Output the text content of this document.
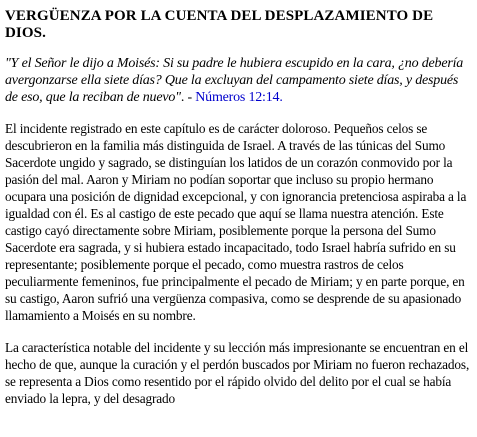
VERGÜENZA POR LA CUENTA DEL DESPLAZAMIENTO DE DIOS.
"Y el Señor le dijo a Moisés: Si su padre le hubiera escupido en la cara, ¿no debería avergonzarse ella siete días? Que la excluyan del campamento siete días, y después de eso, que la reciban de nuevo". - Números 12:14.

El incidente registrado en este capítulo es de carácter doloroso. Pequeños celos se descubrieron en la familia más distinguida de Israel. A través de las túnicas del Sumo Sacerdote ungido y sagrado, se distinguían los latidos de un corazón conmovido por la pasión del mal. Aaron y Miriam no podían soportar que incluso su propio hermano ocupara una posición de dignidad excepcional, y con ignorancia pretenciosa aspiraba a la igualdad con él. Es al castigo de este pecado que aquí se llama nuestra atención. Este castigo cayó directamente sobre Miriam, posiblemente porque la persona del Sumo Sacerdote era sagrada, y si hubiera estado incapacitado, todo Israel habría sufrido en su representante; posiblemente porque el pecado, como muestra rastros de celos peculiarmente femeninos, fue principalmente el pecado de Miriam; y en parte porque, en su castigo, Aaron sufrió una vergüenza compasiva, como se desprende de su apasionado llamamiento a Moisés en su nombre.

La característica notable del incidente y su lección más impresionante se encuentran en el hecho de que, aunque la curación y el perdón buscados por Miriam no fueron rechazados, se representa a Dios como resentido por el rápido olvido del delito por el cual se había enviado la lepra, y del desagrado
